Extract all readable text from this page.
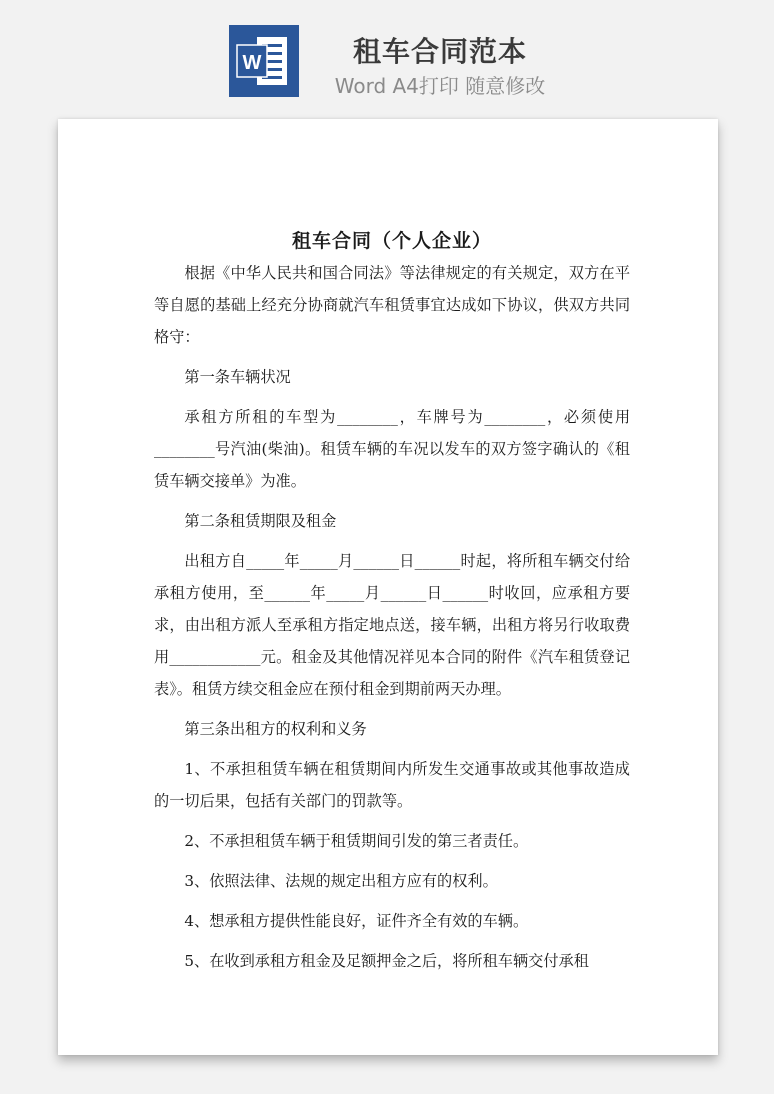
W	租车合同范本
Word A4打印 随意修改
租车合同（个人企业）

根据《中华人民共和国合同法》等法律规定的有关规定，双方在平等自愿的基础上经充分协商就汽车租赁事宜达成如下协议，供双方共同格守：

第一条车辆状况

承租方所租的车型为________，车牌号为________，必须使用________号汽油(柴油)。租赁车辆的车况以发车的双方签字确认的《租赁车辆交接单》为准。

第二条租赁期限及租金

出租方自_____年_____月______日______时起，将所租车辆交付给承租方使用，至______年_____月______日______时收回，应承租方要求，由出租方派人至承租方指定地点送，接车辆，出租方将另行收取费用____________元。租金及其他情况祥见本合同的附件《汽车租赁登记表》。租赁方续交租金应在预付租金到期前两天办理。

第三条出租方的权利和义务

1、不承担租赁车辆在租赁期间内所发生交通事故或其他事故造成的一切后果，包括有关部门的罚款等。

2、不承担租赁车辆于租赁期间引发的第三者责任。

3、依照法律、法规的规定出租方应有的权利。

4、想承租方提供性能良好，证件齐全有效的车辆。

5、在收到承租方租金及足额押金之后，将所租车辆交付承租
